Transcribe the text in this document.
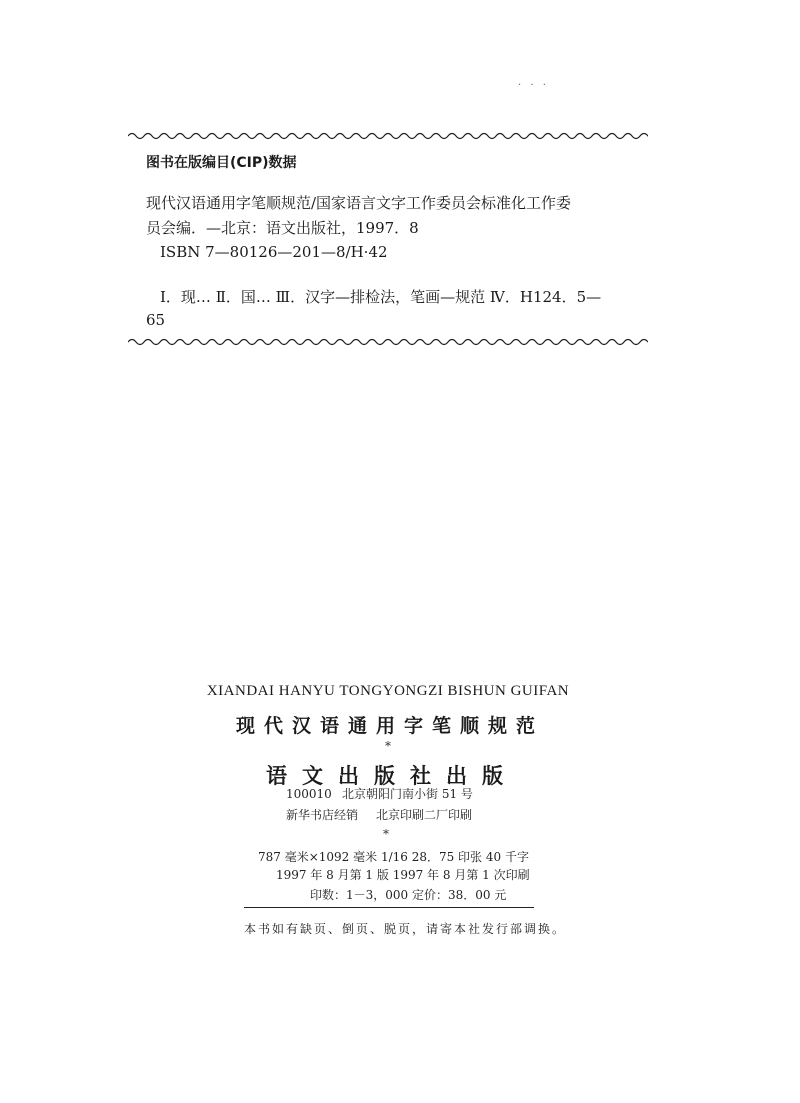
· · ·
图书在版编目(CIP)数据
现代汉语通用字笔顺规范/国家语言文字工作委员会标准化工作委
员会编．—北京：语文出版社，1997．8
ISBN 7—80126—201—8/H·42
Ⅰ．现… Ⅱ．国… Ⅲ．汉字—排检法，笔画—规范 Ⅳ．H124．5—
65
XIANDAI HANYU TONGYONGZI BISHUN GUIFAN
现代汉语通用字笔顺规范
*
语文出版社出版
100010 北京朝阳门南小街 51 号
新华书店经销 北京印刷二厂印刷
*
787 毫米×1092 毫米 1/16 28．75 印张 40 千字
1997 年 8 月第 1 版 1997 年 8 月第 1 次印刷
印数：1－3，000 定价：38．00 元
本书如有缺页、倒页、脱页，请寄本社发行部调换。
